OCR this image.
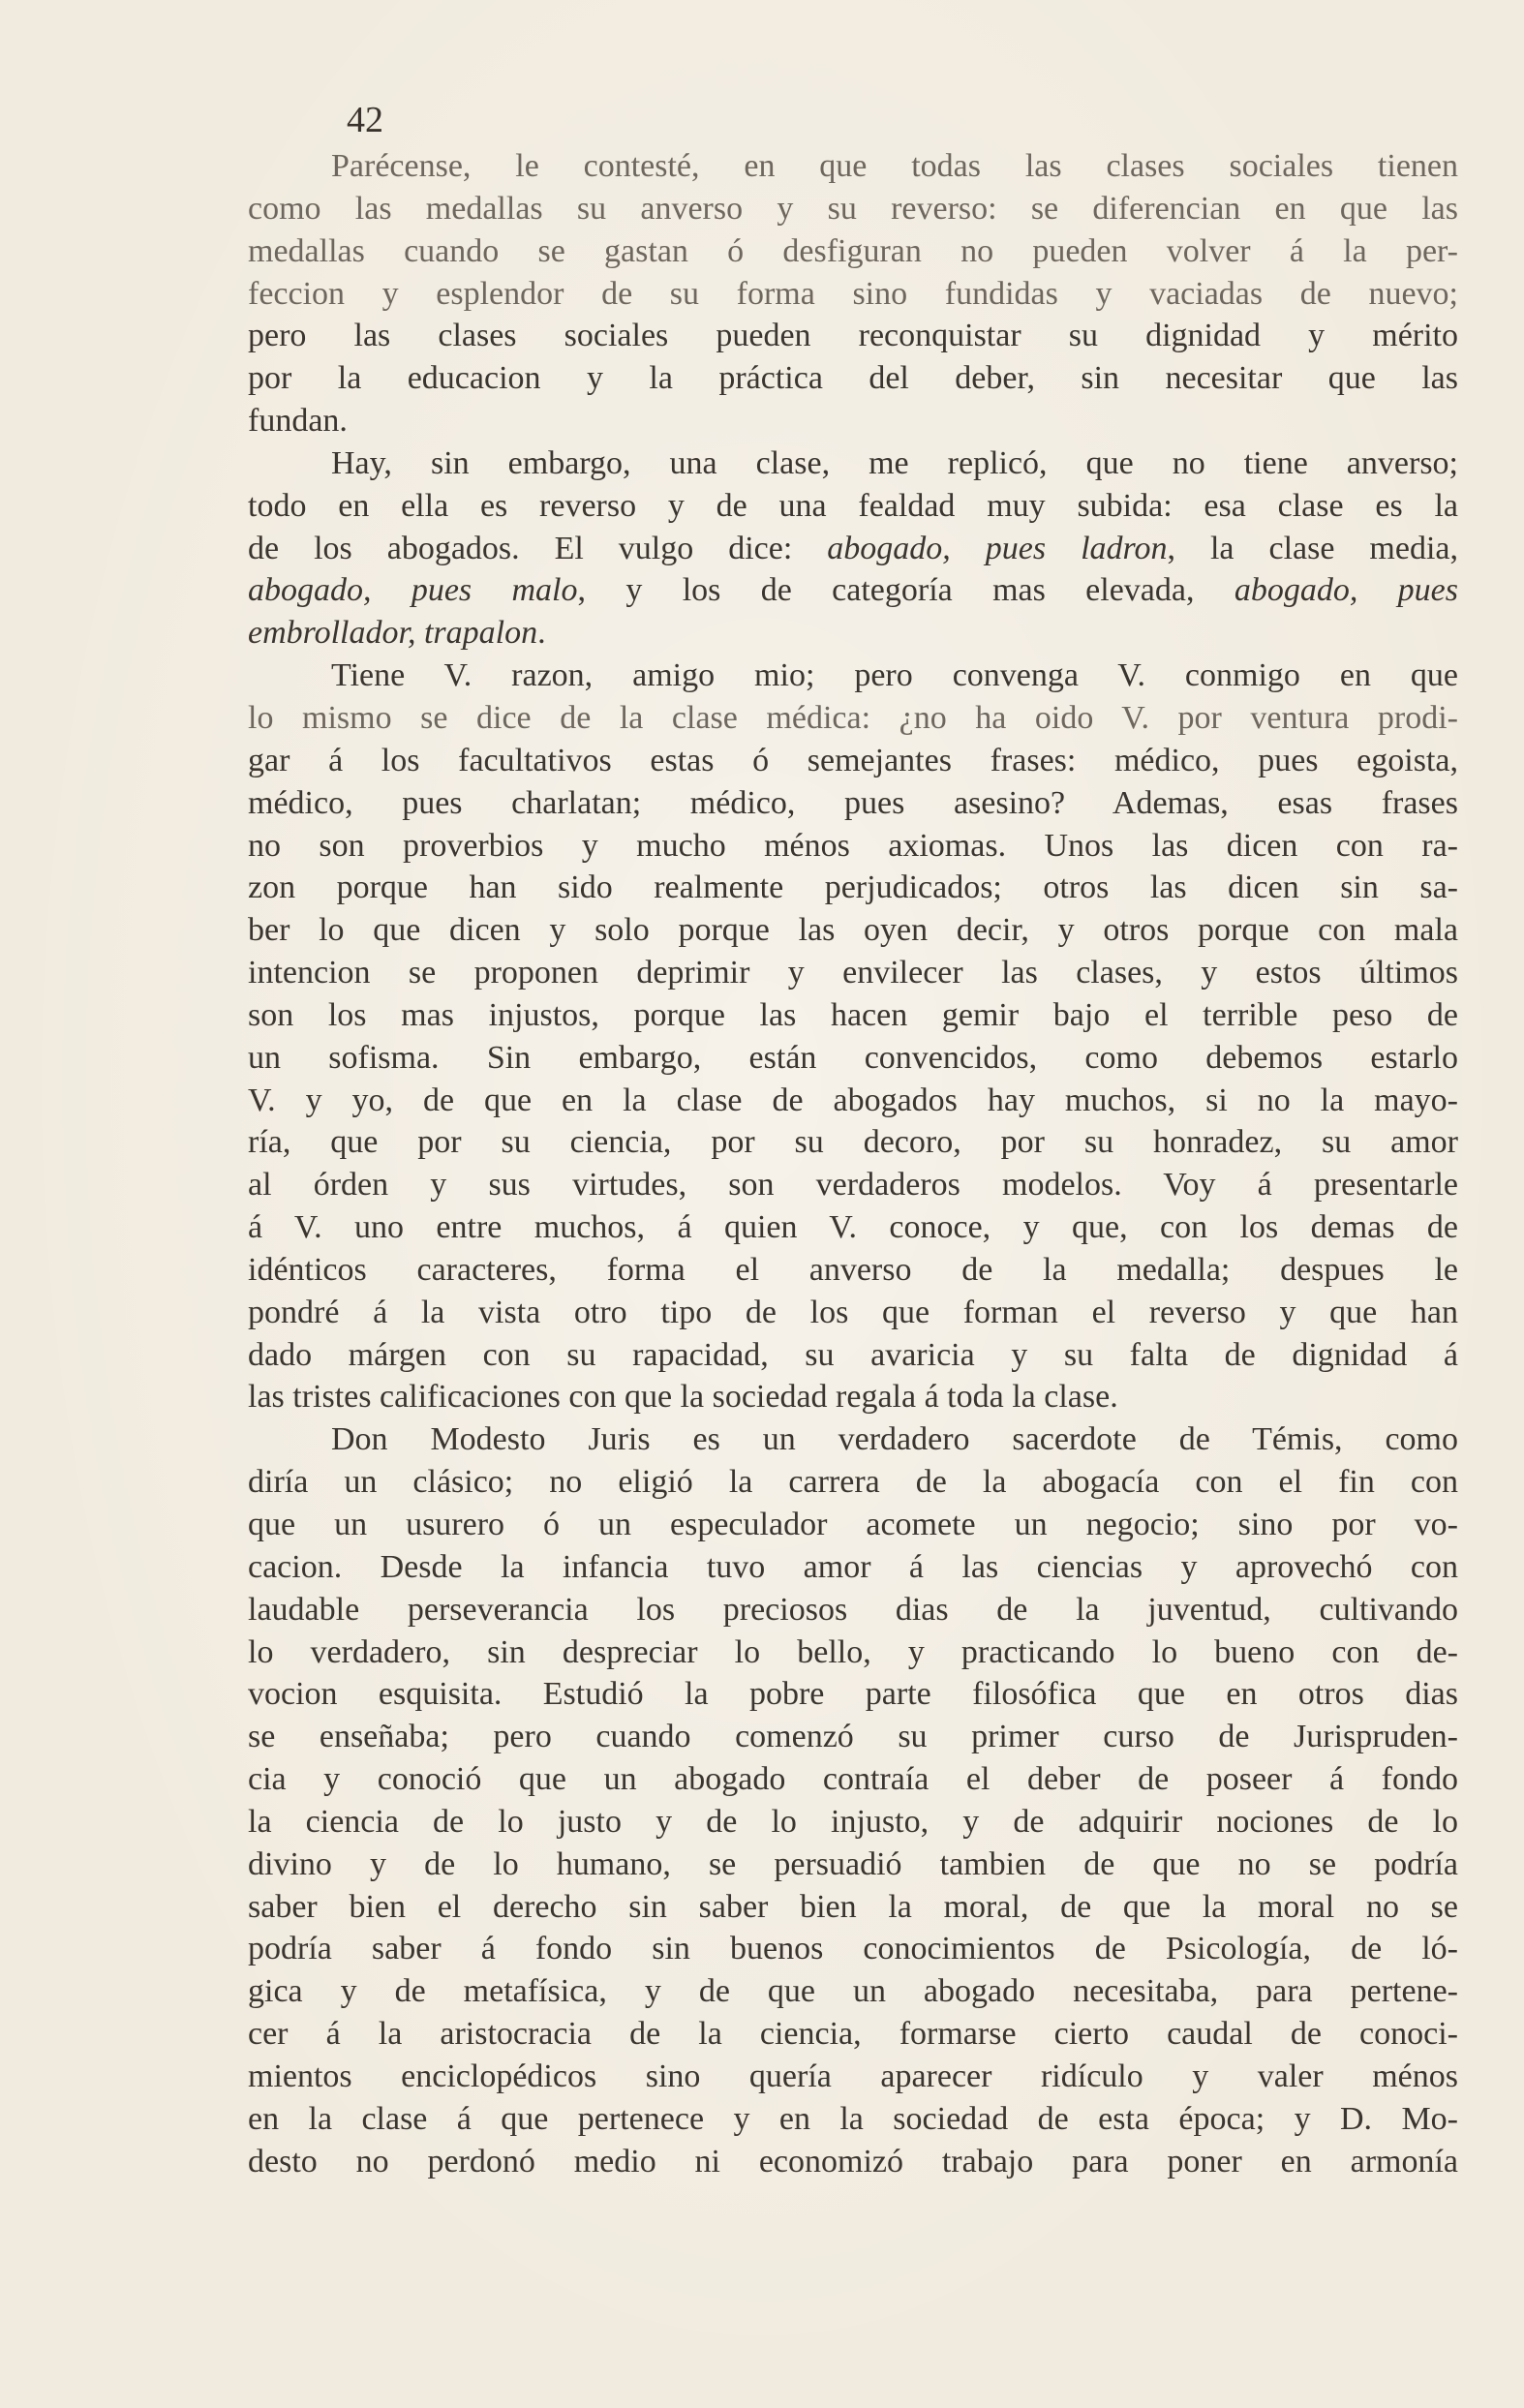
42
Parécense, le contesté, en que todas las clases sociales tienen
como las medallas su anverso y su reverso: se diferencian en que las
medallas cuando se gastan ó desfiguran no pueden volver á la per-
feccion y esplendor de su forma sino fundidas y vaciadas de nuevo;
pero las clases sociales pueden reconquistar su dignidad y mérito
por la educacion y la práctica del deber, sin necesitar que las
fundan.
Hay, sin embargo, una clase, me replicó, que no tiene anverso;
todo en ella es reverso y de una fealdad muy subida: esa clase es la
de los abogados. El vulgo dice: abogado, pues ladron, la clase media,
abogado, pues malo, y los de categoría mas elevada, abogado, pues
embrollador, trapalon.
Tiene V. razon, amigo mio; pero convenga V. conmigo en que
lo mismo se dice de la clase médica: ¿no ha oido V. por ventura prodi-
gar á los facultativos estas ó semejantes frases: médico, pues egoista,
médico, pues charlatan; médico, pues asesino? Ademas, esas frases
no son proverbios y mucho ménos axiomas. Unos las dicen con ra-
zon porque han sido realmente perjudicados; otros las dicen sin sa-
ber lo que dicen y solo porque las oyen decir, y otros porque con mala
intencion se proponen deprimir y envilecer las clases, y estos últimos
son los mas injustos, porque las hacen gemir bajo el terrible peso de
un sofisma. Sin embargo, están convencidos, como debemos estarlo
V. y yo, de que en la clase de abogados hay muchos, si no la mayo-
ría, que por su ciencia, por su decoro, por su honradez, su amor
al órden y sus virtudes, son verdaderos modelos. Voy á presentarle
á V. uno entre muchos, á quien V. conoce, y que, con los demas de
idénticos caracteres, forma el anverso de la medalla; despues le
pondré á la vista otro tipo de los que forman el reverso y que han
dado márgen con su rapacidad, su avaricia y su falta de dignidad á
las tristes calificaciones con que la sociedad regala á toda la clase.
Don Modesto Juris es un verdadero sacerdote de Témis, como
diría un clásico; no eligió la carrera de la abogacía con el fin con
que un usurero ó un especulador acomete un negocio; sino por vo-
cacion. Desde la infancia tuvo amor á las ciencias y aprovechó con
laudable perseverancia los preciosos dias de la juventud, cultivando
lo verdadero, sin despreciar lo bello, y practicando lo bueno con de-
vocion esquisita. Estudió la pobre parte filosófica que en otros dias
se enseñaba; pero cuando comenzó su primer curso de Jurispruden-
cia y conoció que un abogado contraía el deber de poseer á fondo
la ciencia de lo justo y de lo injusto, y de adquirir nociones de lo
divino y de lo humano, se persuadió tambien de que no se podría
saber bien el derecho sin saber bien la moral, de que la moral no se
podría saber á fondo sin buenos conocimientos de Psicología, de ló-
gica y de metafísica, y de que un abogado necesitaba, para pertene-
cer á la aristocracia de la ciencia, formarse cierto caudal de conoci-
mientos enciclopédicos sino quería aparecer ridículo y valer ménos
en la clase á que pertenece y en la sociedad de esta época; y D. Mo-
desto no perdonó medio ni economizó trabajo para poner en armonía
